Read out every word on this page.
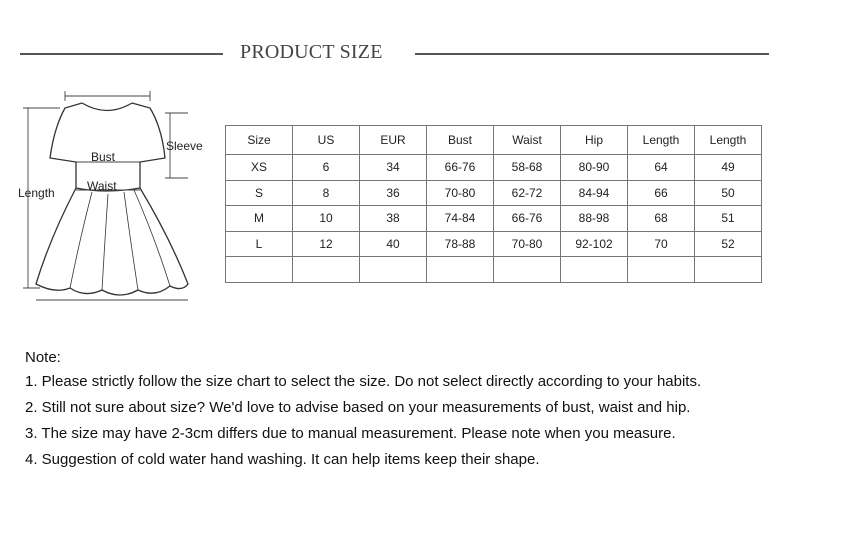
PRODUCT SIZE
Sleeve
Bust
Waist
Length
Size	US	EUR	Bust	Waist	Hip	Length	Length
XS	6	34	66-76	58-68	80-90	64	49
S	8	36	70-80	62-72	84-94	66	50
M	10	38	74-84	66-76	88-98	68	51
L	12	40	78-88	70-80	92-102	70	52

Note:

1. Please strictly follow the size chart to select the size. Do not select directly according to your habits.

2. Still not sure about size? We'd love to advise based on your measurements of bust, waist and hip.

3. The size may have 2-3cm differs due to manual measurement. Please note when you measure.

4. Suggestion of cold water hand washing. It can help items keep their shape.
